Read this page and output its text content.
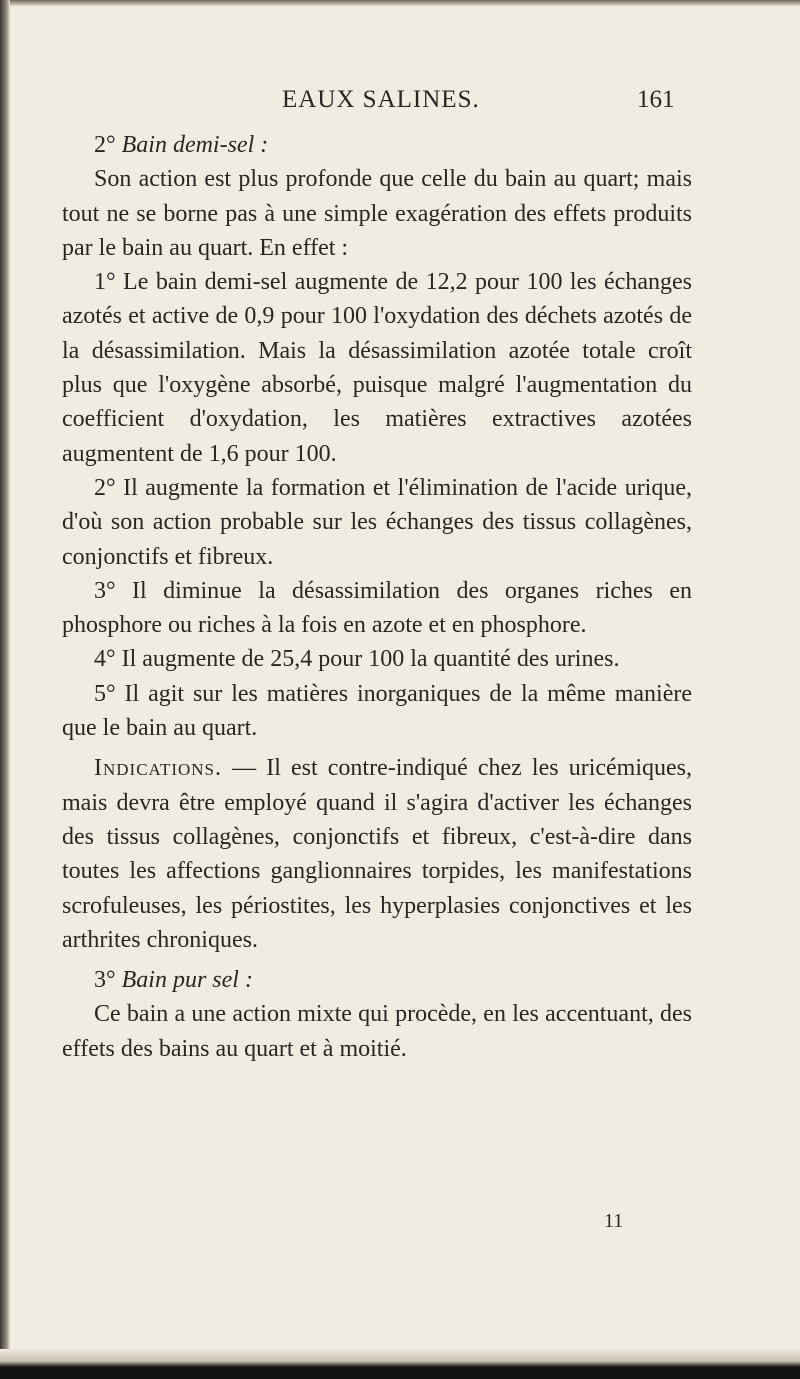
EAUX SALINES.	161

2° Bain demi-sel :

Son action est plus profonde que celle du bain au quart; mais tout ne se borne pas à une simple exagération des effets produits par le bain au quart. En effet :

1° Le bain demi-sel augmente de 12,2 pour 100 les échanges azotés et active de 0,9 pour 100 l'oxydation des déchets azotés de la désassimilation. Mais la désassimilation azotée totale croît plus que l'oxygène absorbé, puisque malgré l'augmentation du coefficient d'oxydation, les matières extractives azotées augmentent de 1,6 pour 100.

2° Il augmente la formation et l'élimination de l'acide urique, d'où son action probable sur les échanges des tissus collagènes, conjonctifs et fibreux.

3° Il diminue la désassimilation des organes riches en phosphore ou riches à la fois en azote et en phosphore.

4° Il augmente de 25,4 pour 100 la quantité des urines.

5° Il agit sur les matières inorganiques de la même manière que le bain au quart.

Indications. — Il est contre-indiqué chez les uricémiques, mais devra être employé quand il s'agira d'activer les échanges des tissus collagènes, conjonctifs et fibreux, c'est-à-dire dans toutes les affections ganglionnaires torpides, les manifestations scrofuleuses, les périostites, les hyperplasies conjonctives et les arthrites chroniques.

3° Bain pur sel :

Ce bain a une action mixte qui procède, en les accentuant, des effets des bains au quart et à moitié.

11
